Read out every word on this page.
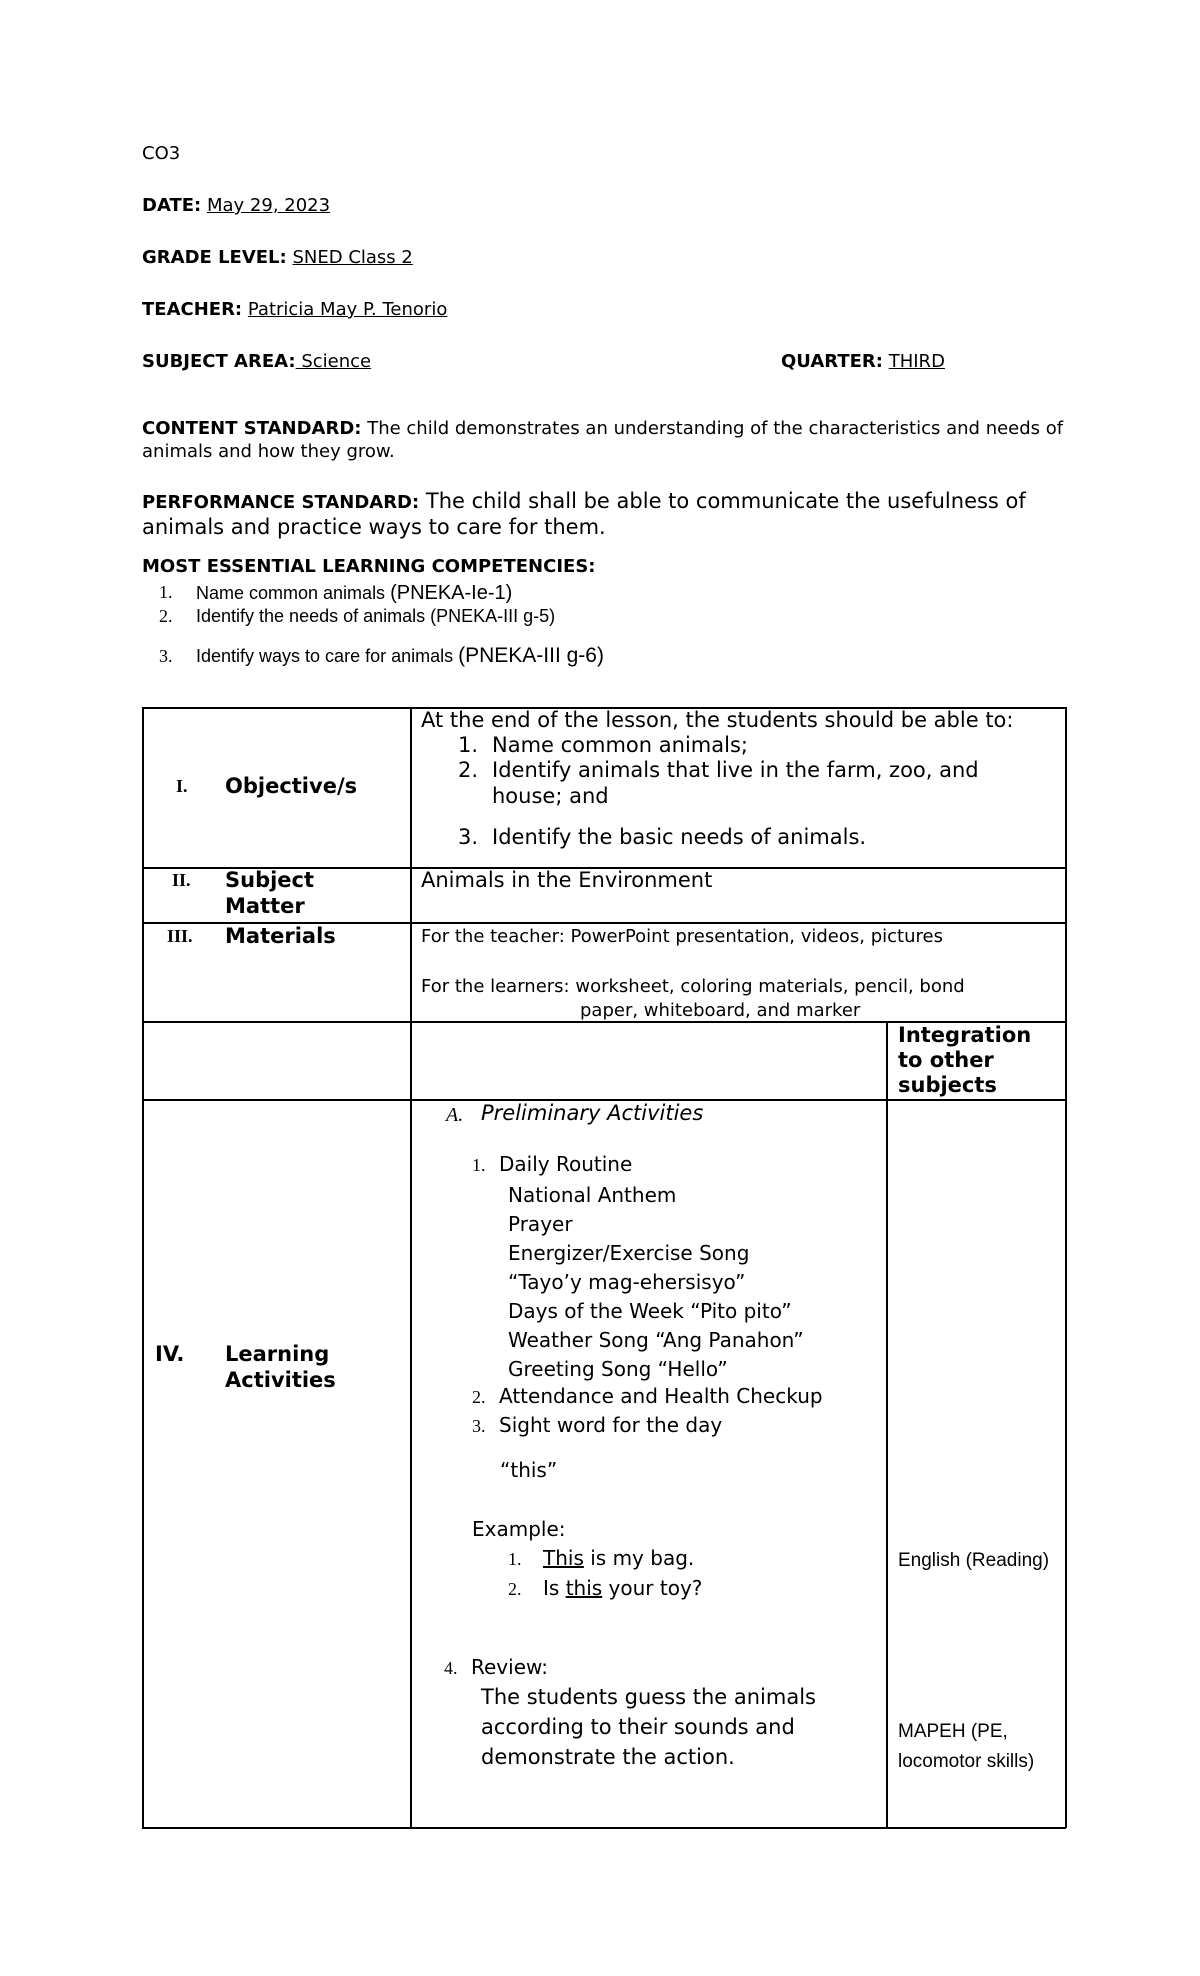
CO3
DATE: May 29, 2023
GRADE LEVEL: SNED Class 2
TEACHER: Patricia May P. Tenorio
SUBJECT AREA: Science	QUARTER: THIRD
CONTENT STANDARD: The child demonstrates an understanding of the characteristics and needs of animals and how they grow.
PERFORMANCE STANDARD: The child shall be able to communicate the usefulness of animals and practice ways to care for them.
MOST ESSENTIAL LEARNING COMPETENCIES:
1. Name common animals (PNEKA-Ie-1)
2. Identify the needs of animals (PNEKA-III g-5)
3. Identify ways to care for animals (PNEKA-III g-6)
I. Objective/s
At the end of the lesson, the students should be able to:
1. Name common animals;
2. Identify animals that live in the farm, zoo, and
house; and
3. Identify the basic needs of animals.
II. Subject
Matter
Animals in the Environment
III. Materials	For the teacher: PowerPoint presentation, videos, pictures
For the learners: worksheet, coloring materials, pencil, bond
paper, whiteboard, and marker
Integration
to other
subjects
IV. Learning
Activities
A. Preliminary Activities
1. Daily Routine
National Anthem
Prayer
Energizer/Exercise Song
“Tayo’y mag-ehersisyo”
Days of the Week “Pito pito”
Weather Song “Ang Panahon”
Greeting Song “Hello”
2. Attendance and Health Checkup
3. Sight word for the day
“this”
Example:
1. This is my bag.
2. Is this your toy?
4. Review:
The students guess the animals
according to their sounds and
demonstrate the action.
English (Reading)
MAPEH (PE,
locomotor skills)
